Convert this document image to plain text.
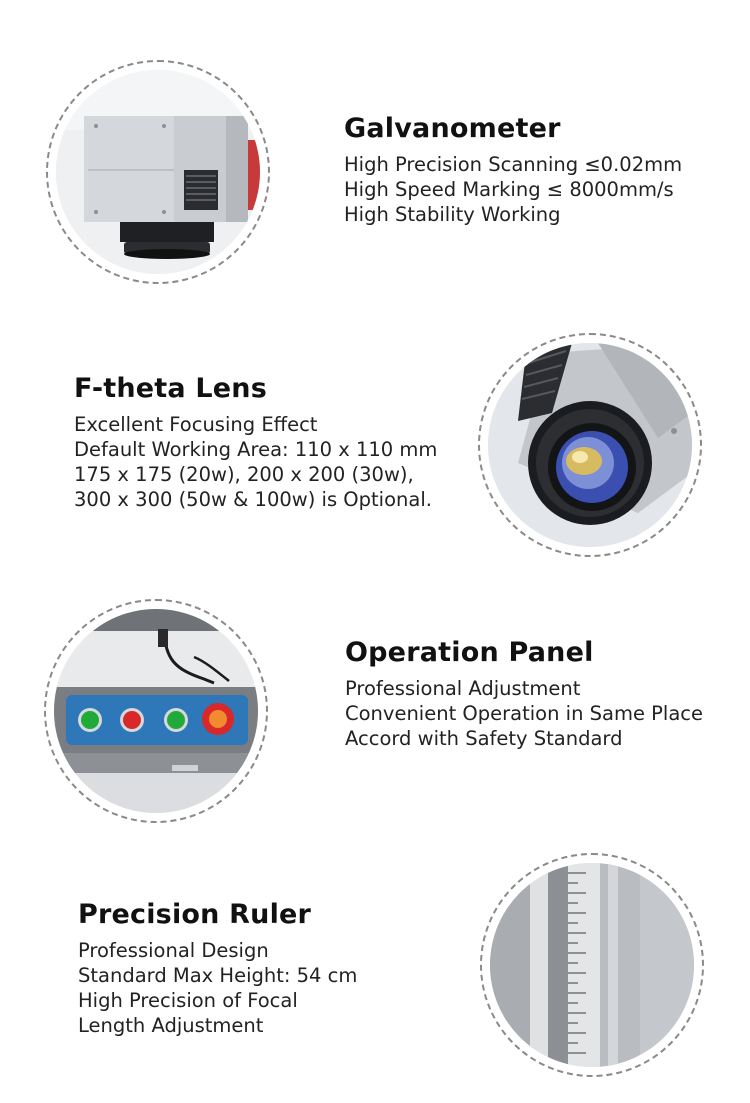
Galvanometer
High Precision Scanning ≤0.02mm
High Speed Marking ≤ 8000mm/s
High Stability Working
F-theta Lens
Excellent Focusing Effect
Default Working Area: 110 x 110 mm
175 x 175 (20w), 200 x 200 (30w),
300 x 300 (50w & 100w) is Optional.
Operation Panel
Professional Adjustment
Convenient Operation in Same Place
Accord with Safety Standard
Precision Ruler
Professional Design
Standard Max Height: 54 cm
High Precision of Focal
Length Adjustment
